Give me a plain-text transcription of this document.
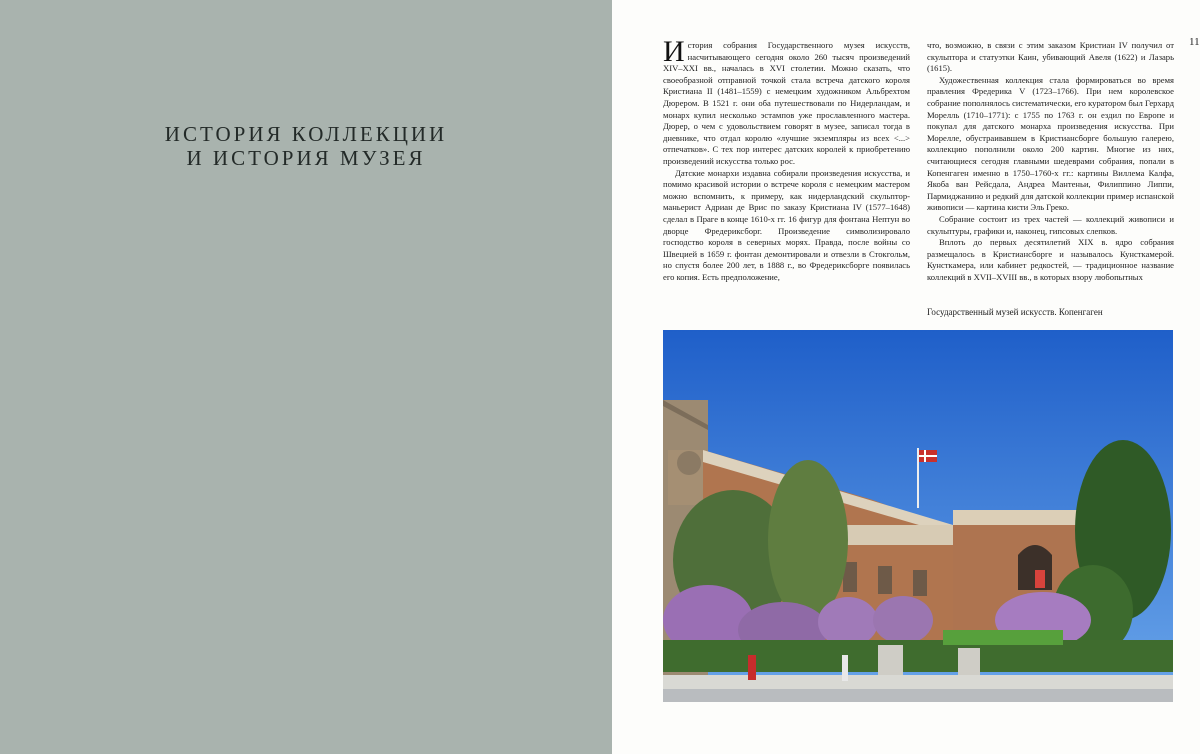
ИСТОРИЯ КОЛЛЕКЦИИ
И ИСТОРИЯ МУЗЕЯ
11

История собрания Государственного музея искусств, насчитывающего сегодня около 260 тысяч произведений XIV–XXI вв., началась в XVI столетии. Можно сказать, что своеобразной отправной точкой стала встреча датского короля Кристиана II (1481–1559) с немецким художником Альбрехтом Дюрером. В 1521 г. они оба путешествовали по Нидерландам, и монарх купил несколько эстампов уже прославленного мастера. Дюрер, о чем с удовольствием говорят в музее, записал тогда в дневнике, что отдал королю «лучшие экземпляры из всех <...> отпечатков». С тех пор интерес датских королей к приобретению произведений искусства только рос.

Датские монархи издавна собирали произведения искусства, и помимо красивой истории о встрече короля с немецким мастером можно вспомнить, к примеру, как нидерландский скульптор-маньерист Адриан де Врис по заказу Кристиана IV (1577–1648) сделал в Праге в конце 1610-х гг. 16 фигур для фонтана Нептун во дворце Фредериксборг. Произведение символизировало господство короля в северных морях. Правда, после войны со Швецией в 1659 г. фонтан демонтировали и отвезли в Стокгольм, но спустя более 200 лет, в 1888 г., во Фредериксборге появилась его копия. Есть предположение,

что, возможно, в связи с этим заказом Кристиан IV получил от скульптора и статуэтки Каин, убивающий Авеля (1622) и Лазарь (1615).

Художественная коллекция стала формироваться во время правления Фредерика V (1723–1766). При нем королевское собрание пополнялось систематически, его куратором был Герхард Морелль (1710–1771): с 1755 по 1763 г. он ездил по Европе и покупал для датского монарха произведения искусства. При Морелле, обустраивавшем в Кристиансборге большую галерею, коллекцию пополнили около 200 картин. Многие из них, считающиеся сегодня главными шедеврами собрания, попали в Копенгаген именно в 1750–1760-х гг.: картины Виллема Калфа, Якоба ван Рейсдала, Андреа Мантеньи, Филиппино Липпи, Пармиджанино и редкий для датской коллекции пример испанской живописи — картина кисти Эль Греко.

Собрание состоит из трех частей — коллекций живописи и скульптуры, графики и, наконец, гипсовых слепков.

Вплоть до первых десятилетий XIX в. ядро собрания размещалось в Кристиансборге и называлось Кунсткамерой. Кунсткамера, или кабинет редкостей, — традиционное название коллекций в XVII–XVIII вв., в которых взору любопытных

Государственный музей искусств. Копенгаген
